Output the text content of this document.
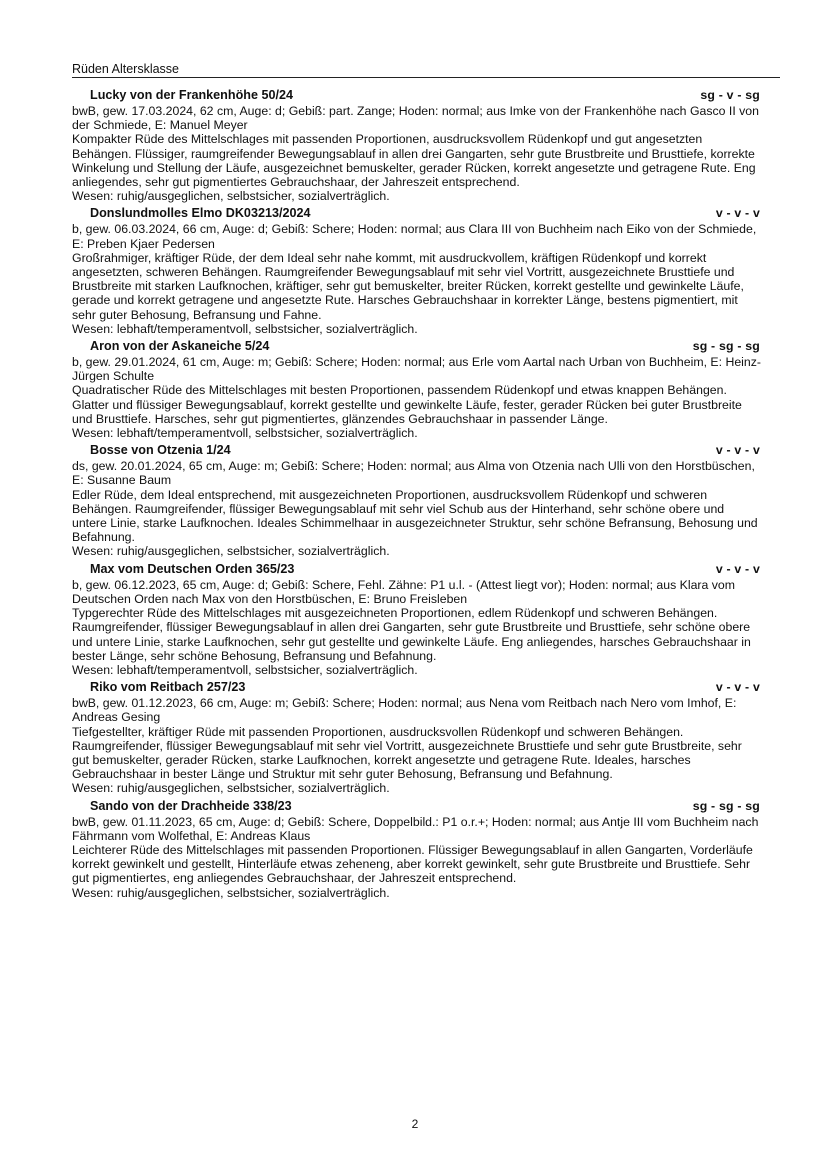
Rüden Altersklasse
Lucky von der Frankenhöhe 50/24	sg - v - sg

bwB, gew. 17.03.2024, 62 cm, Auge: d; Gebiß: part. Zange; Hoden: normal; aus Imke von der Frankenhöhe nach Gasco II von der Schmiede, E: Manuel Meyer

Kompakter Rüde des Mittelschlages mit passenden Proportionen, ausdrucksvollem Rüdenkopf und gut angesetzten Behängen. Flüssiger, raumgreifender Bewegungsablauf in allen drei Gangarten, sehr gute Brustbreite und Brusttiefe, korrekte Winkelung und Stellung der Läufe, ausgezeichnet bemuskelter, gerader Rücken, korrekt angesetzte und getragene Rute. Eng anliegendes, sehr gut pigmentiertes Gebrauchshaar, der Jahreszeit entsprechend.

Wesen: ruhig/ausgeglichen, selbstsicher, sozialverträglich.

Donslundmolles Elmo DK03213/2024	v - v - v

b, gew. 06.03.2024, 66 cm, Auge: d; Gebiß: Schere; Hoden: normal; aus Clara III von Buchheim nach Eiko von der Schmiede, E: Preben Kjaer Pedersen

Großrahmiger, kräftiger Rüde, der dem Ideal sehr nahe kommt, mit ausdruckvollem, kräftigen Rüdenkopf und korrekt angesetzten, schweren Behängen. Raumgreifender Bewegungsablauf mit sehr viel Vortritt, ausgezeichnete Brusttiefe und Brustbreite mit starken Laufknochen, kräftiger, sehr gut bemuskelter, breiter Rücken, korrekt gestellte und gewinkelte Läufe, gerade und korrekt getragene und angesetzte Rute. Harsches Gebrauchshaar in korrekter Länge, bestens pigmentiert, mit sehr guter Behosung, Befransung und Fahne.

Wesen: lebhaft/temperamentvoll, selbstsicher, sozialverträglich.

Aron von der Askaneiche 5/24	sg - sg - sg

b, gew. 29.01.2024, 61 cm, Auge: m; Gebiß: Schere; Hoden: normal; aus Erle vom Aartal nach Urban von Buchheim, E: Heinz-Jürgen Schulte

Quadratischer Rüde des Mittelschlages mit besten Proportionen, passendem Rüdenkopf und etwas knappen Behängen. Glatter und flüssiger Bewegungsablauf, korrekt gestellte und gewinkelte Läufe, fester, gerader Rücken bei guter Brustbreite und Brusttiefe. Harsches, sehr gut pigmentiertes, glänzendes Gebrauchshaar in passender Länge.

Wesen: lebhaft/temperamentvoll, selbstsicher, sozialverträglich.

Bosse von Otzenia 1/24	v - v - v

ds, gew. 20.01.2024, 65 cm, Auge: m; Gebiß: Schere; Hoden: normal; aus Alma von Otzenia nach Ulli von den Horstbüschen, E: Susanne Baum

Edler Rüde, dem Ideal entsprechend, mit ausgezeichneten Proportionen, ausdrucksvollem Rüdenkopf und schweren Behängen. Raumgreifender, flüssiger Bewegungsablauf mit sehr viel Schub aus der Hinterhand, sehr schöne obere und untere Linie, starke Laufknochen. Ideales Schimmelhaar in ausgezeichneter Struktur, sehr schöne Befransung, Behosung und Befahnung.

Wesen: ruhig/ausgeglichen, selbstsicher, sozialverträglich.

Max vom Deutschen Orden 365/23	v - v - v

b, gew. 06.12.2023, 65 cm, Auge: d; Gebiß: Schere, Fehl. Zähne: P1 u.l. - (Attest liegt vor); Hoden: normal; aus Klara vom Deutschen Orden nach Max von den Horstbüschen, E: Bruno Freisleben

Typgerechter Rüde des Mittelschlages mit ausgezeichneten Proportionen, edlem Rüdenkopf und schweren Behängen. Raumgreifender, flüssiger Bewegungsablauf in allen drei Gangarten, sehr gute Brustbreite und Brusttiefe, sehr schöne obere und untere Linie, starke Laufknochen, sehr gut gestellte und gewinkelte Läufe. Eng anliegendes, harsches Gebrauchshaar in bester Länge, sehr schöne Behosung, Befransung und Befahnung.

Wesen: lebhaft/temperamentvoll, selbstsicher, sozialverträglich.

Riko vom Reitbach 257/23	v - v - v

bwB, gew. 01.12.2023, 66 cm, Auge: m; Gebiß: Schere; Hoden: normal; aus Nena vom Reitbach nach Nero vom Imhof, E: Andreas Gesing

Tiefgestellter, kräftiger Rüde mit passenden Proportionen, ausdrucksvollen Rüdenkopf und schweren Behängen. Raumgreifender, flüssiger Bewegungsablauf mit sehr viel Vortritt, ausgezeichnete Brusttiefe und sehr gute Brustbreite, sehr gut bemuskelter, gerader Rücken, starke Laufknochen, korrekt angesetzte und getragene Rute. Ideales, harsches Gebrauchshaar in bester Länge und Struktur mit sehr guter Behosung, Befransung und Befahnung.

Wesen: ruhig/ausgeglichen, selbstsicher, sozialverträglich.

Sando von der Drachheide 338/23	sg - sg - sg

bwB, gew. 01.11.2023, 65 cm, Auge: d; Gebiß: Schere, Doppelbild.: P1 o.r.+; Hoden: normal; aus Antje III vom Buchheim nach Fährmann vom Wolfethal, E: Andreas Klaus

Leichterer Rüde des Mittelschlages mit passenden Proportionen. Flüssiger Bewegungsablauf in allen Gangarten, Vorderläufe korrekt gewinkelt und gestellt, Hinterläufe etwas zeheneng, aber korrekt gewinkelt, sehr gute Brustbreite und Brusttiefe. Sehr gut pigmentiertes, eng anliegendes Gebrauchshaar, der Jahreszeit entsprechend.

Wesen: ruhig/ausgeglichen, selbstsicher, sozialverträglich.

2
